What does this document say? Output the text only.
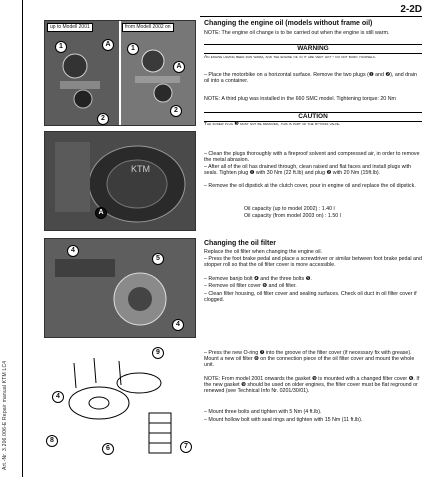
2-2D
Art.-Nr. 3.206.006-E Repair manual KTM LC4
up to Modell 2001	from Modell 2002 on
1
2
A
1
A
2
Changing the engine oil (models without frame oil)
NOTE: The engine oil change is to be carried out when the engine is still warm.
WARNING
An engine having been run warm, and the engine oil in it are very hot - do not burn yourself.
– Place the motorbike on a horizontal surface. Remove the two plugs (❶ and ❷), and drain oil into a container.
NOTE: A third plug was installed in the 660 SMC model. Tightening torque: 20 Nm
CAUTION
The screw plug ❸ must not be removed, this is part of the by-pass valve.
KTM
A
– Clean the plugs thoroughly with a fireproof solvent and compressed air, in order to remove the metal abrasion.
– After all of the oil has drained through, clean raised and flat faces and install plugs with seals. Tighten plug ❶ with 30 Nm (22 ft.lb) and plug ❷ with 20 Nm (15ft.lb).
– Remove the oil dipstick at the clutch cover, pour in engine oil and replace the oil dipstick.
Oil capacity (up to model 2002) : 1.40 l
Oil capacity (from model 2003 on) : 1.50 l
4
5
4
Changing the oil filter
Replace the oil filter when changing the engine oil.
– Press the foot brake pedal and place a screwdriver or similar between foot brake pedal and stopper roll so that the oil filter cover is more accessible.
– Remove banjo bolt ❹ and the three bolts ❺.
– Remove oil filter cover ❻ and oil filter.
– Clean filter housing, oil filter cover and sealing surfaces. Check oil duct in oil filter cover if clogged.
9
4
8
6	7
– Press the new O-ring ❼ into the groove of the filter cover (if necessary fix with grease). Mount a new oil filter ❽ on the connection piece of the oil filter cover and mount the whole unit.
NOTE: From model 2001 onwards the gasket ❾ is mounted with a changed filter cover ❻. If the new gasket ❾ should be used on older engines, the filter cover must be flat reground or renewed (see Technical Info Nr. 0201/30/01).
– Mount three bolts and tighten with 5 Nm (4 ft.lb).
– Mount hollow bolt with seal rings and tighten with 15 Nm (11 ft.lb).
